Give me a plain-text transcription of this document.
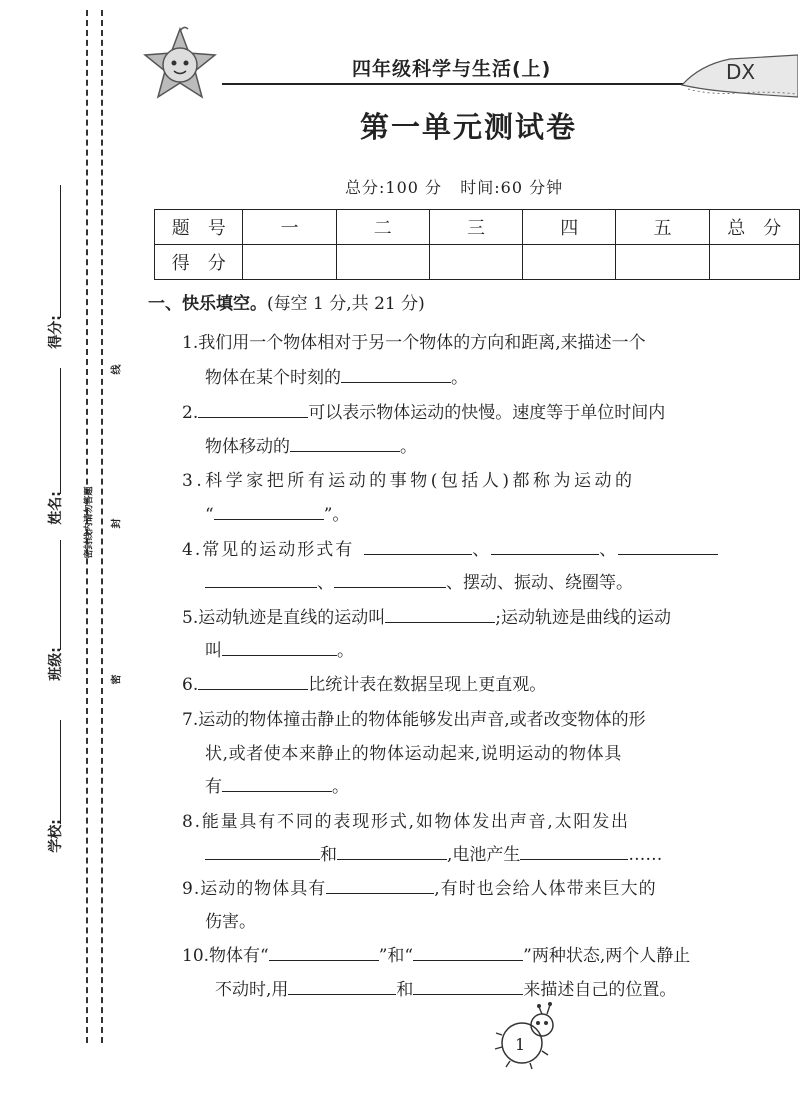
学校:
班级:
姓名:
得分:
密封线内请勿答题
线
封
密
四年级科学与生活(上)	DX
第一单元测试卷
总分:100 分   时间:60 分钟
题　号	一	二	三	四	五	总　分
得　分						
一、快乐填空。(每空 1 分,共 21 分)
1.我们用一个物体相对于另一个物体的方向和距离,来描述一个
物体在某个时刻的	。
2.	可以表示物体运动的快慢。速度等于单位时间内
物体移动的	。
3.科学家把所有运动的事物(包括人)都称为运动的
“	”。
4.常见的运动形式有	、	、
、	、摆动、振动、绕圈等。
5.运动轨迹是直线的运动叫	;运动轨迹是曲线的运动
叫	。
6.	比统计表在数据呈现上更直观。
7.运动的物体撞击静止的物体能够发出声音,或者改变物体的形
状,或者使本来静止的物体运动起来,说明运动的物体具
有	。
8.能量具有不同的表现形式,如物体发出声音,太阳发出
和	,电池产生	……
9.运动的物体具有	,有时也会给人体带来巨大的
伤害。
10.物体有“	”和“	”两种状态,两个人静止
不动时,用	和	来描述自己的位置。
1
